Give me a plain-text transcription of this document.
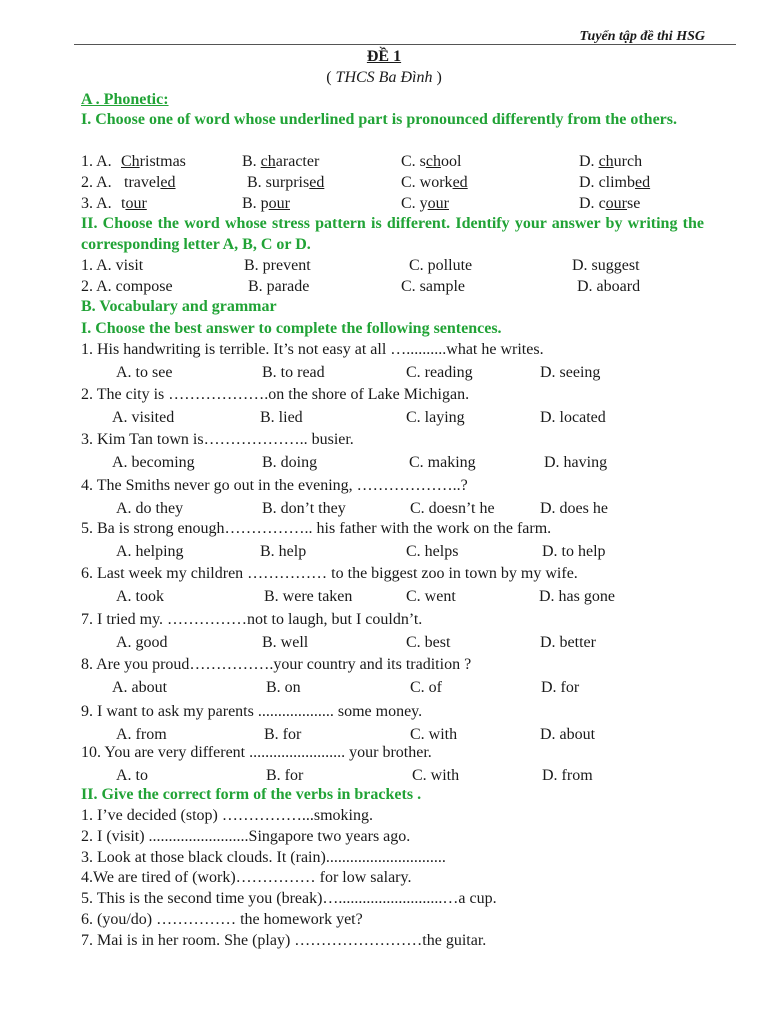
Tuyển tập đề thi HSG
ĐỀ 1
( THCS Ba Đình )
A . Phonetic:
I. Choose one of word whose underlined part is pronounced differently from the others.
1. A. Christmas	B. character	C. school	D. church
2. A. traveled	B. surprised	C. worked	D. climbed
3. A. tour	B. pour	C. your	D. course
II. Choose the word whose stress pattern is different. Identify your answer by writing the corresponding letter A, B, C or D.
1. A. visit	B. prevent	C. pollute	D. suggest
2. A. compose	B. parade	C. sample	D. aboard
B. Vocabulary and grammar
I. Choose the best answer to complete the following sentences.
1. His handwriting is terrible. It’s not easy at all …..........what he writes.
A. to see	B. to read	C. reading	D. seeing
2. The city is ……………….on the shore of Lake Michigan.
A. visited	B. lied	C. laying	D. located
3. Kim Tan town is……………….. busier.
A. becoming	B. doing	C. making	D. having
4. The Smiths never go out in the evening, ………………..?
A. do they	B. don’t they	C. doesn’t he	D. does he
5. Ba is strong enough…………….. his father with the work on the farm.
A. helping	B. help	C. helps	D. to help
6. Last week my children …………… to the biggest zoo in town by my wife.
A. took	B. were taken	C. went	D. has gone
7. I tried my. ……………not to laugh, but I couldn’t.
A. good	B. well	C. best	D. better
8. Are you proud…………….your country and its tradition ?
A. about	B. on	C. of	D. for
9. I want to ask my parents ................... some money.
A. from	B. for	C. with	D. about
10. You are very different ........................ your brother.
A. to	B. for	C. with	D. from
II. Give the correct form of the verbs in brackets .
1. I’ve decided (stop) ……………...smoking.
2. I (visit) .........................Singapore two years ago.
3. Look at those black clouds. It (rain)..............................
4.We are tired of (work)…………… for low salary.
5. This is the second time you (break)…..........................…a cup.
6. (you/do) …………… the homework yet?
7. Mai is in her room. She (play) ……………………the guitar.
